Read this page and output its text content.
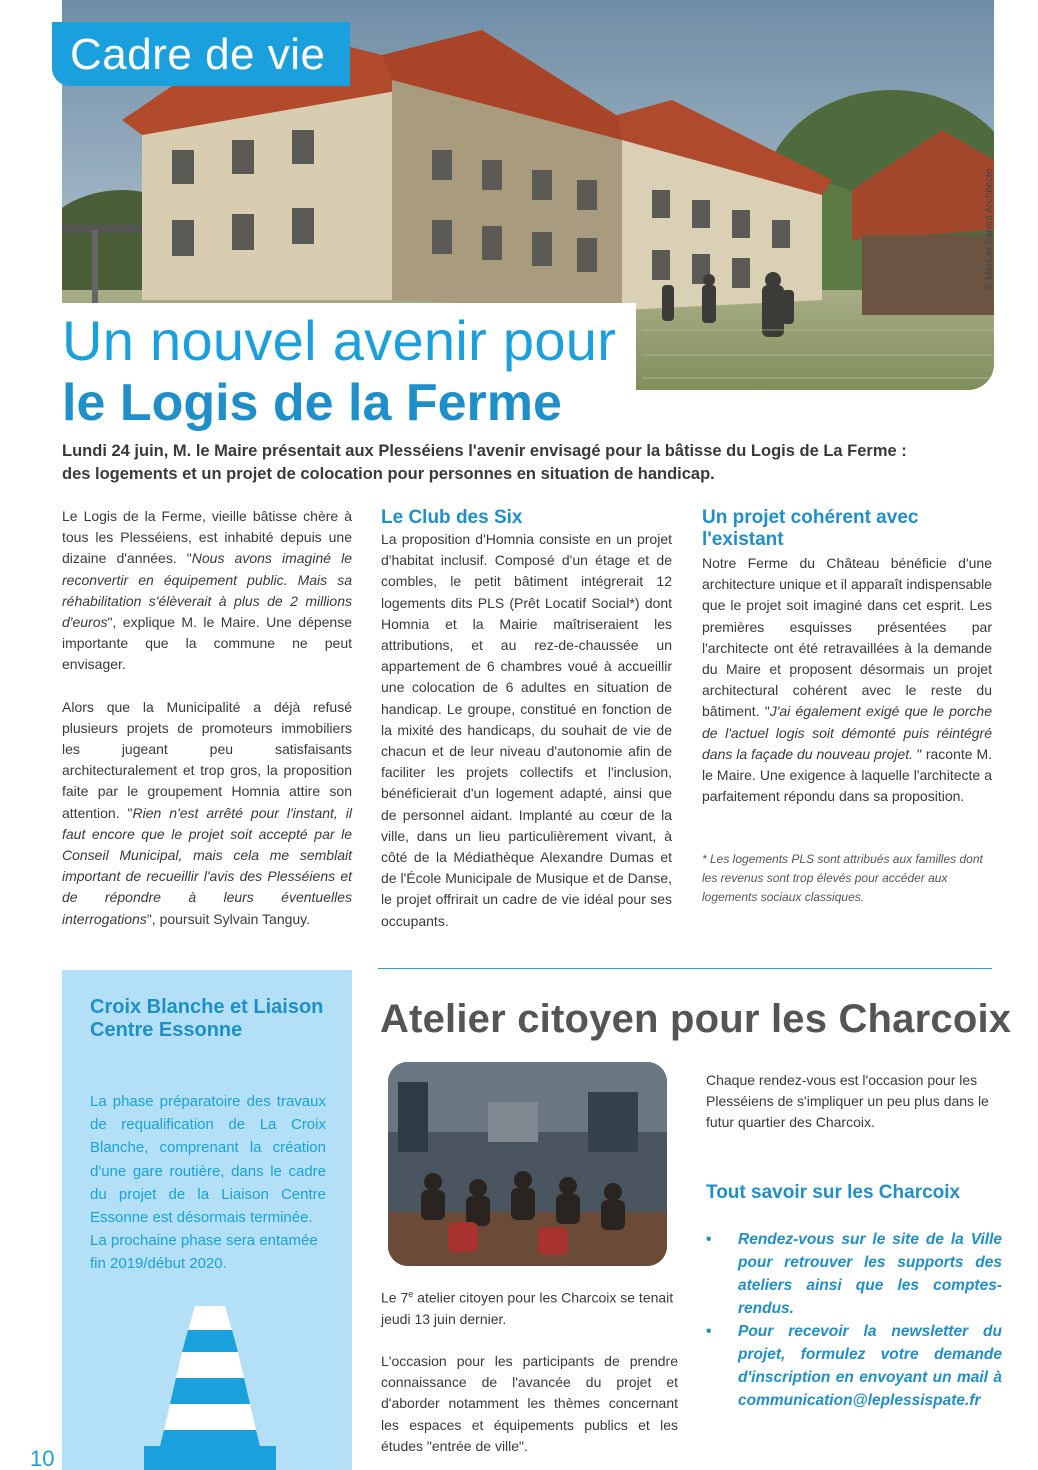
Cadre de vie
© Manuel Faraut Architecte
Un nouvel avenir pour
le Logis de la Ferme
Lundi 24 juin, M. le Maire présentait aux Plesséiens l'avenir envisagé pour la bâtisse du Logis de La Ferme :
des logements et un projet de colocation pour personnes en situation de handicap.

Le Logis de la Ferme, vieille bâtisse chère à tous les Plesséiens, est inhabité depuis une dizaine d'années. "Nous avons imaginé le reconvertir en équipement public. Mais sa réhabilitation s'élèverait à plus de 2 millions d'euros", explique M. le Maire. Une dépense importante que la commune ne peut envisager.

Alors que la Municipalité a déjà refusé plusieurs projets de promoteurs immobiliers les jugeant peu satisfaisants architecturalement et trop gros, la proposition faite par le groupement Homnia attire son attention. "Rien n'est arrêté pour l'instant, il faut encore que le projet soit accepté par le Conseil Municipal, mais cela me semblait important de recueillir l'avis des Plesséiens et de répondre à leurs éventuelles interrogations", poursuit Sylvain Tanguy.

Le Club des Six

La proposition d'Homnia consiste en un projet d'habitat inclusif. Composé d'un étage et de combles, le petit bâtiment intégrerait 12 logements dits PLS (Prêt Locatif Social*) dont Homnia et la Mairie maîtriseraient les attributions, et au rez-de-chaussée un appartement de 6 chambres voué à accueillir une colocation de 6 adultes en situation de handicap. Le groupe, constitué en fonction de la mixité des handicaps, du souhait de vie de chacun et de leur niveau d'autonomie afin de faciliter les projets collectifs et l'inclusion, bénéficierait d'un logement adapté, ainsi que de personnel aidant. Implanté au cœur de la ville, dans un lieu particulièrement vivant, à côté de la Médiathèque Alexandre Dumas et de l'École Municipale de Musique et de Danse, le projet offrirait un cadre de vie idéal pour ses occupants.

Un projet cohérent avec l'existant

Notre Ferme du Château bénéficie d'une architecture unique et il apparaît indispensable que le projet soit imaginé dans cet esprit. Les premières esquisses présentées par l'architecte ont été retravaillées à la demande du Maire et proposent désormais un projet architectural cohérent avec le reste du bâtiment. "J'ai également exigé que le porche de l'actuel logis soit démonté puis réintégré dans la façade du nouveau projet. " raconte M. le Maire. Une exigence à laquelle l'architecte a parfaitement répondu dans sa proposition.

* Les logements PLS sont attribués aux familles dont les revenus sont trop élevés pour accéder aux logements sociaux classiques.
Croix Blanche et Liaison Centre Essonne
La phase préparatoire des travaux de requalification de La Croix Blanche, comprenant la création d'une gare routière, dans le cadre du projet de la Liaison Centre Essonne est désormais terminée.
La prochaine phase sera entamée fin 2019/début 2020.
Atelier citoyen pour les Charcoix

Le 7e atelier citoyen pour les Charcoix se tenait jeudi 13 juin dernier.

L'occasion pour les participants de prendre connaissance de l'avancée du projet et d'aborder notamment les thèmes concernant les espaces et équipements publics et les études "entrée de ville".

Chaque rendez-vous est l'occasion pour les Plesséiens de s'impliquer un peu plus dans le futur quartier des Charcoix.

Tout savoir sur les Charcoix
• Rendez-vous sur le site de la Ville pour retrouver les supports des ateliers ainsi que les comptes-rendus.
• Pour recevoir la newsletter du projet, formulez votre demande d'inscription en envoyant un mail à communication@leplessispate.fr
10
